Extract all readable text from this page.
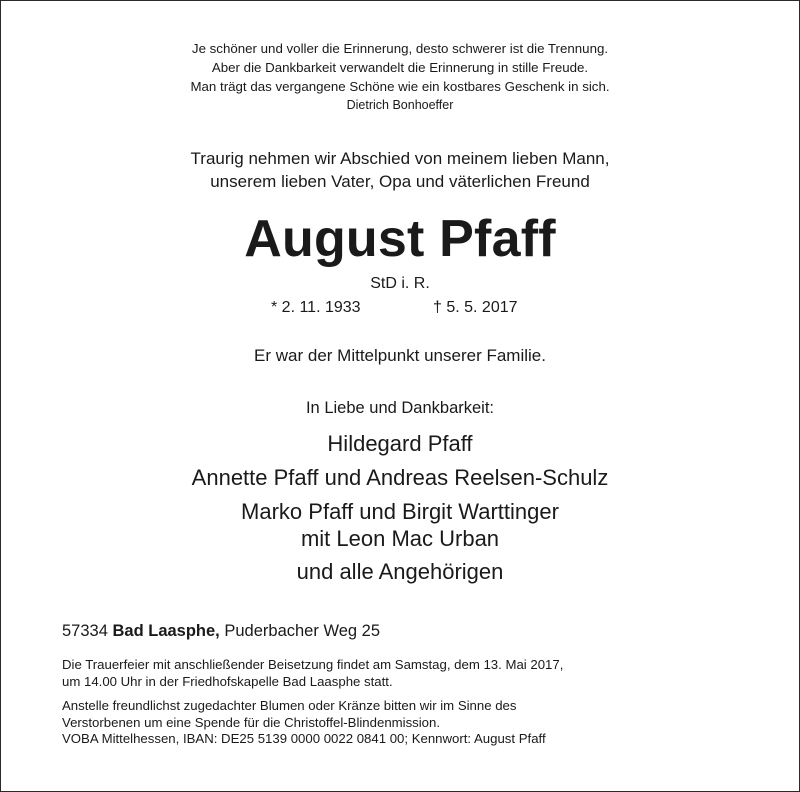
Je schöner und voller die Erinnerung, desto schwerer ist die Trennung.
Aber die Dankbarkeit verwandelt die Erinnerung in stille Freude.
Man trägt das vergangene Schöne wie ein kostbares Geschenk in sich.
Dietrich Bonhoeffer
Traurig nehmen wir Abschied von meinem lieben Mann,
unserem lieben Vater, Opa und väterlichen Freund
August Pfaff
StD i. R.
* 2. 11. 1933	† 5. 5. 2017
Er war der Mittelpunkt unserer Familie.
In Liebe und Dankbarkeit:
Hildegard Pfaff
Annette Pfaff und Andreas Reelsen-Schulz
Marko Pfaff und Birgit Warttinger
mit Leon Mac Urban
und alle Angehörigen
57334 Bad Laasphe, Puderbacher Weg 25
Die Trauerfeier mit anschließender Beisetzung findet am Samstag, dem 13. Mai 2017,
um 14.00 Uhr in der Friedhofskapelle Bad Laasphe statt.
Anstelle freundlichst zugedachter Blumen oder Kränze bitten wir im Sinne des
Verstorbenen um eine Spende für die Christoffel-Blindenmission.
VOBA Mittelhessen, IBAN: DE25 5139 0000 0022 0841 00; Kennwort: August Pfaff
